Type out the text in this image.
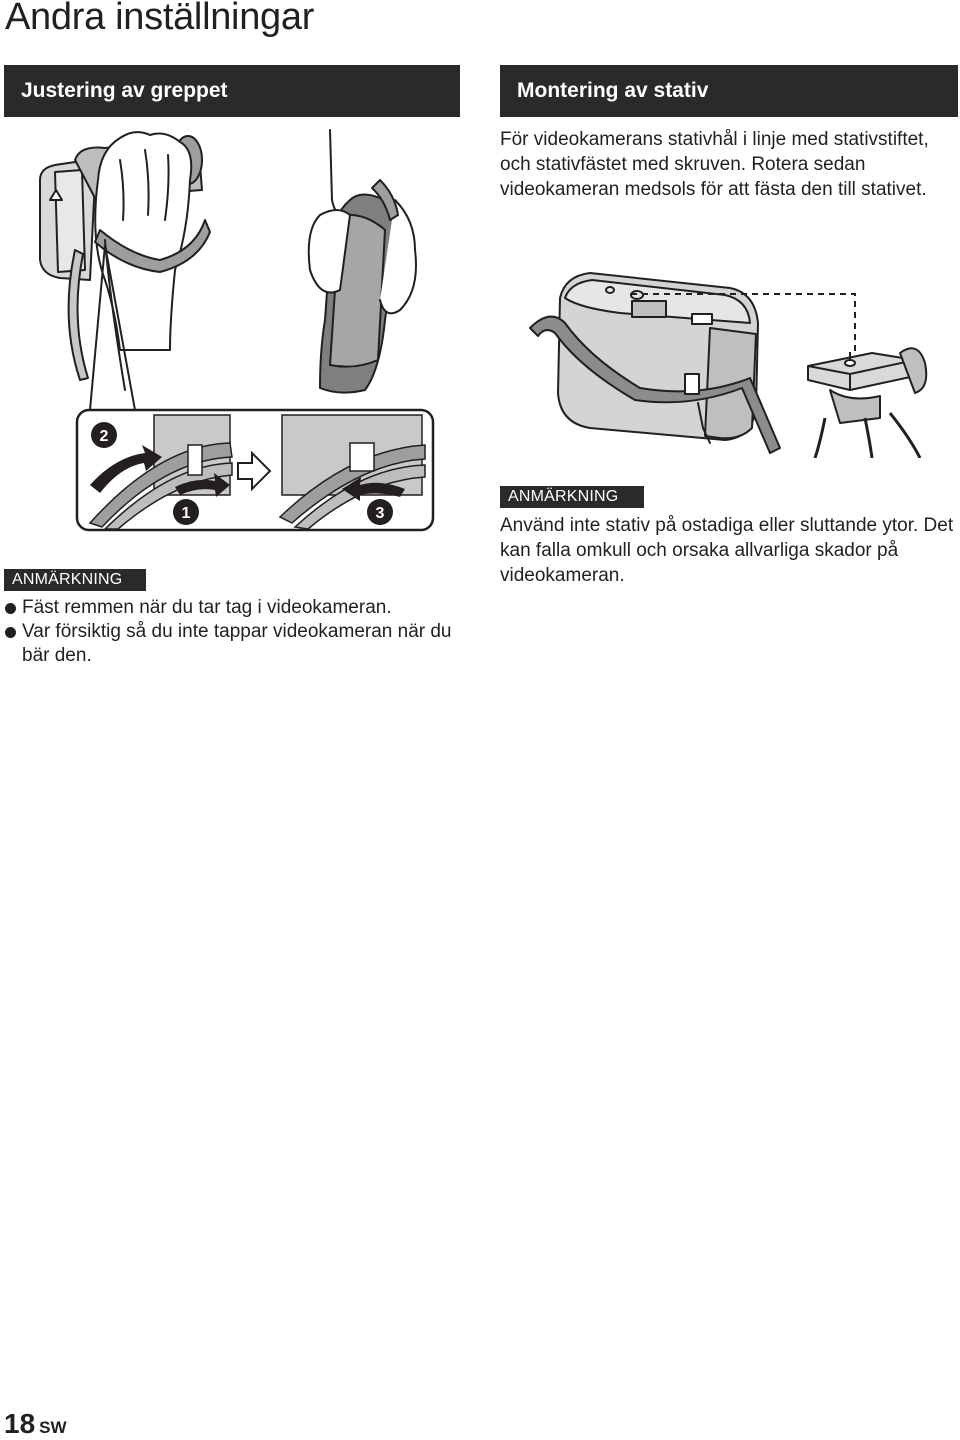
Andra inställningar
Justering av greppet
2
1	3
ANMÄRKNING
Fäst remmen när du tar tag i videokameran.
Var försiktig så du inte tappar videokameran när du bär den.
Montering av stativ

För videokamerans stativhål i linje med stativstiftet, och stativfästet med skruven. Rotera sedan videokameran medsols för att fästa den till stativet.

ANMÄRKNING

Använd inte stativ på ostadiga eller sluttande ytor. Det kan falla omkull och orsaka allvarliga skador på videokameran.

18 SW
